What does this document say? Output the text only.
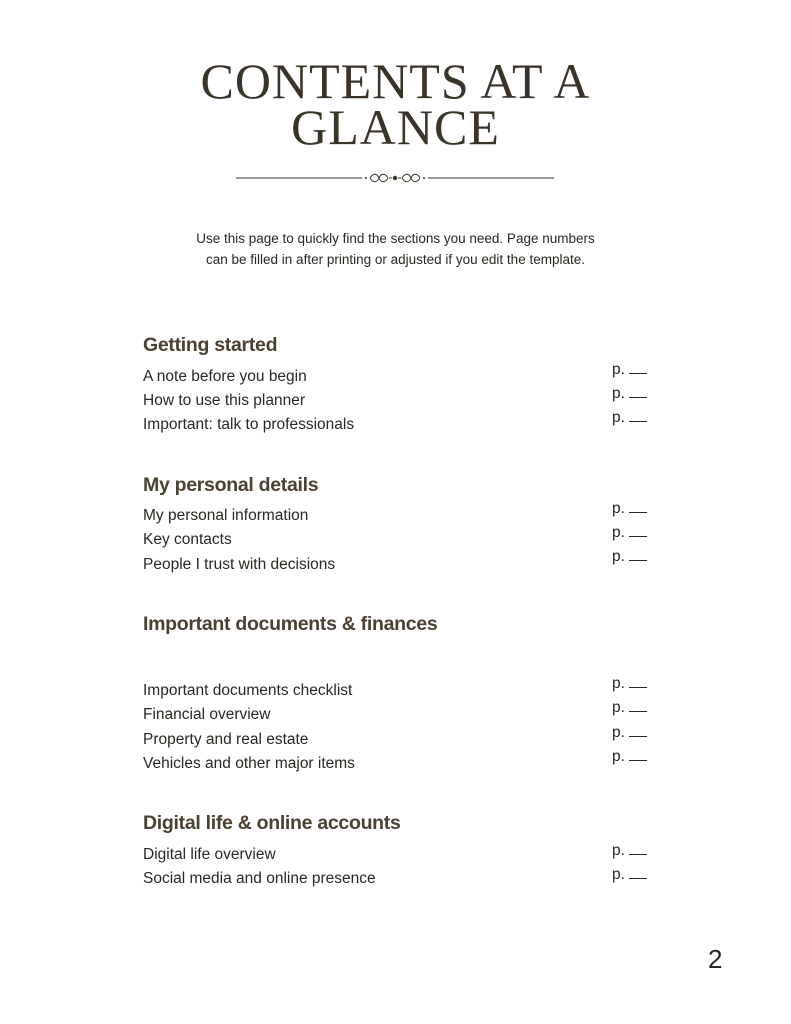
CONTENTS AT A
GLANCE
Use this page to quickly find the sections you need. Page numbers
can be filled in after printing or adjusted if you edit the template.
Getting started
A note before you begin	p.
How to use this planner	p.
Important: talk to professionals	p.
My personal details
My personal information	p.
Key contacts	p.
People I trust with decisions	p.
Important documents & finances
Important documents checklist	p.
Financial overview	p.
Property and real estate	p.
Vehicles and other major items	p.
Digital life & online accounts
Digital life overview	p.
Social media and online presence	p.
2
